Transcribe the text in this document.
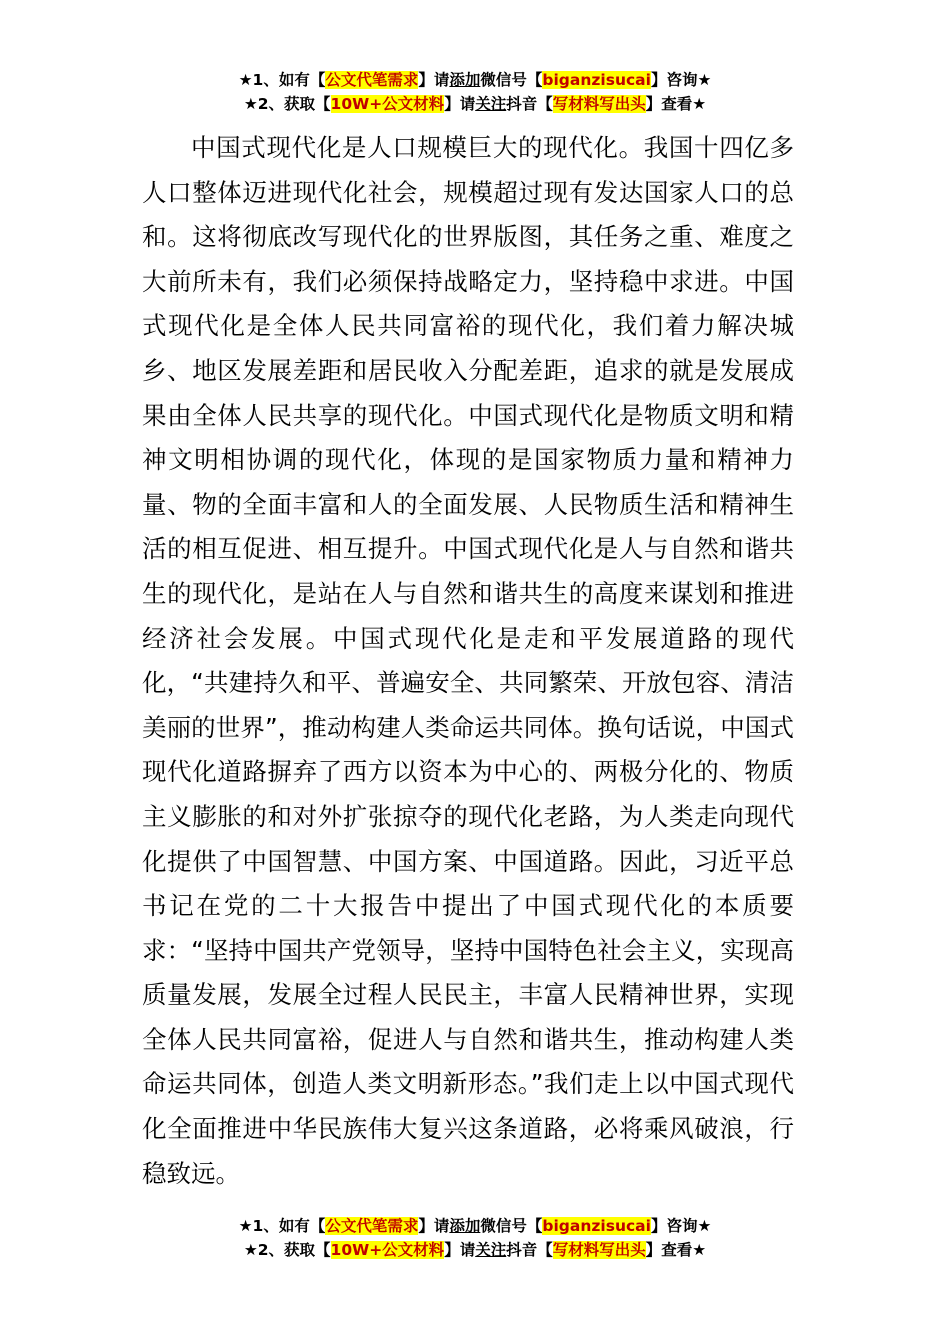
★1、如有【公文代笔需求】请添加微信号【biganzisucai】咨询★
★2、获取【10W+公文材料】请关注抖音【写材料写出头】查看★

中国式现代化是人口规模巨大的现代化。我国十四亿多人口整体迈进现代化社会，规模超过现有发达国家人口的总和。这将彻底改写现代化的世界版图，其任务之重、难度之大前所未有，我们必须保持战略定力，坚持稳中求进。中国式现代化是全体人民共同富裕的现代化，我们着力解决城乡、地区发展差距和居民收入分配差距，追求的就是发展成果由全体人民共享的现代化。中国式现代化是物质文明和精神文明相协调的现代化，体现的是国家物质力量和精神力量、物的全面丰富和人的全面发展、人民物质生活和精神生活的相互促进、相互提升。中国式现代化是人与自然和谐共生的现代化，是站在人与自然和谐共生的高度来谋划和推进经济社会发展。中国式现代化是走和平发展道路的现代化，“共建持久和平、普遍安全、共同繁荣、开放包容、清洁美丽的世界”，推动构建人类命运共同体。换句话说，中国式现代化道路摒弃了西方以资本为中心的、两极分化的、物质主义膨胀的和对外扩张掠夺的现代化老路，为人类走向现代化提供了中国智慧、中国方案、中国道路。因此，习近平总书记在党的二十大报告中提出了中国式现代化的本质要求：“坚持中国共产党领导，坚持中国特色社会主义，实现高质量发展，发展全过程人民民主，丰富人民精神世界，实现全体人民共同富裕，促进人与自然和谐共生，推动构建人类命运共同体，创造人类文明新形态。”我们走上以中国式现代化全面推进中华民族伟大复兴这条道路，必将乘风破浪，行稳致远。

★1、如有【公文代笔需求】请添加微信号【biganzisucai】咨询★
★2、获取【10W+公文材料】请关注抖音【写材料写出头】查看★
